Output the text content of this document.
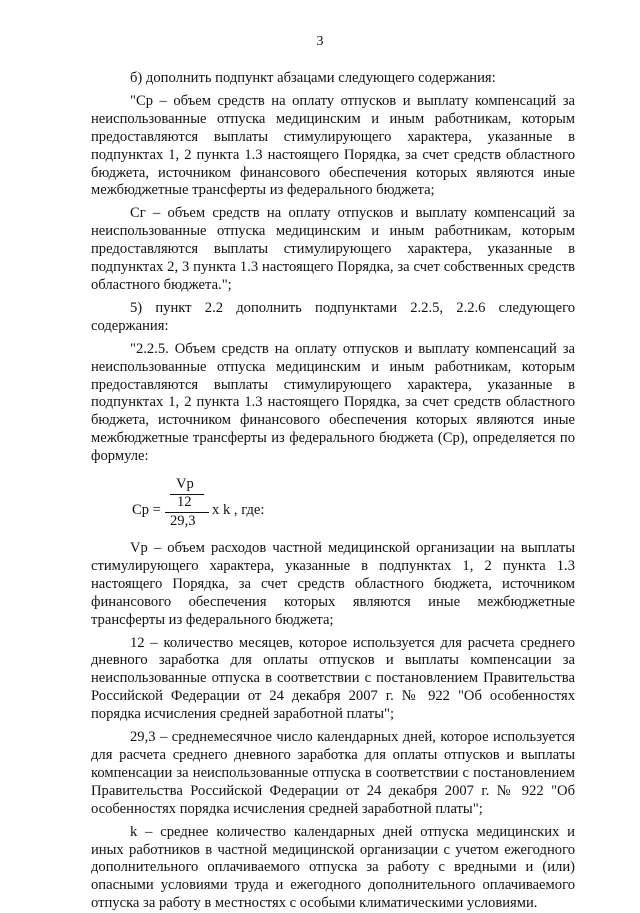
3

б) дополнить подпункт абзацами следующего содержания:

"Ср – объем средств на оплату отпусков и выплату компенсаций за неиспользованные отпуска медицинским и иным работникам, которым предоставляются выплаты стимулирующего характера, указанные в подпунктах 1, 2 пункта 1.3 настоящего Порядка, за счет средств областного бюджета, источником финансового обеспечения которых являются иные межбюджетные трансферты из федерального бюджета;

Сг – объем средств на оплату отпусков и выплату компенсаций за неиспользованные отпуска медицинским и иным работникам, которым предоставляются выплаты стимулирующего характера, указанные в подпунктах 2, 3 пункта 1.3 настоящего Порядка, за счет собственных средств областного бюджета.";

5) пункт 2.2 дополнить подпунктами 2.2.5, 2.2.6 следующего содержания:

"2.2.5. Объем средств на оплату отпусков и выплату компенсаций за неиспользованные отпуска медицинским и иным работникам, которым предоставляются выплаты стимулирующего характера, указанные в подпунктах 1, 2 пункта 1.3 настоящего Порядка, за счет средств областного бюджета, источником финансового обеспечения которых являются иные межбюджетные трансферты из федерального бюджета (Ср), определяется по формуле:

Ср =
Vp
12
29,3
х k , где:

Vp – объем расходов частной медицинской организации на выплаты стимулирующего характера, указанные в подпунктах 1, 2 пункта 1.3 настоящего Порядка, за счет средств областного бюджета, источником финансового обеспечения которых являются иные межбюджетные трансферты из федерального бюджета;

12 – количество месяцев, которое используется для расчета среднего дневного заработка для оплаты отпусков и выплаты компенсации за неиспользованные отпуска в соответствии с постановлением Правительства Российской Федерации от 24 декабря 2007 г. № 922 "Об особенностях порядка исчисления средней заработной платы";

29,3 – среднемесячное число календарных дней, которое используется для расчета среднего дневного заработка для оплаты отпусков и выплаты компенсации за неиспользованные отпуска в соответствии с постановлением Правительства Российской Федерации от 24 декабря 2007 г. № 922 "Об особенностях порядка исчисления средней заработной платы";

k – среднее количество календарных дней отпуска медицинских и иных работников в частной медицинской организации с учетом ежегодного дополнительного оплачиваемого отпуска за работу с вредными и (или) опасными условиями труда и ежегодного дополнительного оплачиваемого отпуска за работу в местностях с особыми климатическими условиями.
